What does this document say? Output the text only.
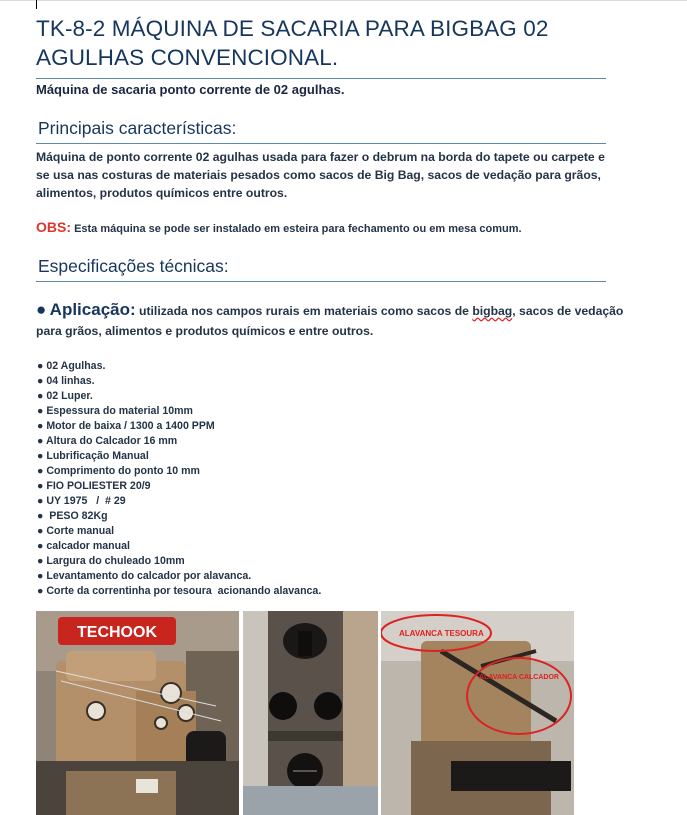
TK-8-2 MÁQUINA DE SACARIA PARA BIGBAG 02
AGULHAS CONVENCIONAL.
Máquina de sacaria ponto corrente de 02 agulhas.
Principais características:
Máquina de ponto corrente 02 agulhas usada para fazer o debrum na borda do tapete ou carpete e se usa nas costuras de materiais pesados como sacos de Big Bag, sacos de vedação para grãos, alimentos, produtos químicos entre outros.
OBS: Esta máquina se pode ser instalado em esteira para fechamento ou em mesa comum.
Especificações técnicas:
● Aplicação: utilizada nos campos rurais em materiais como sacos de bigbag, sacos de vedação para grãos, alimentos e produtos químicos e entre outros.
● 02 Agulhas.
● 04 linhas.
● 02 Luper.
● Espessura do material 10mm
● Motor de baixa / 1300 a 1400 PPM
● Altura do Calcador 16 mm
● Lubrificação Manual
● Comprimento do ponto 10 mm
● FIO POLIESTER 20/9
● UY 1975   /  # 29
●  PESO 82Kg
● Corte manual
● calcador manual
● Largura do chuleado 10mm
● Levantamento do calcador por alavanca.
● Corte da correntinha por tesoura  acionando alavanca.
TECHOOK	ALAVANCA TESOURA
ALAVANCA CALCADOR
